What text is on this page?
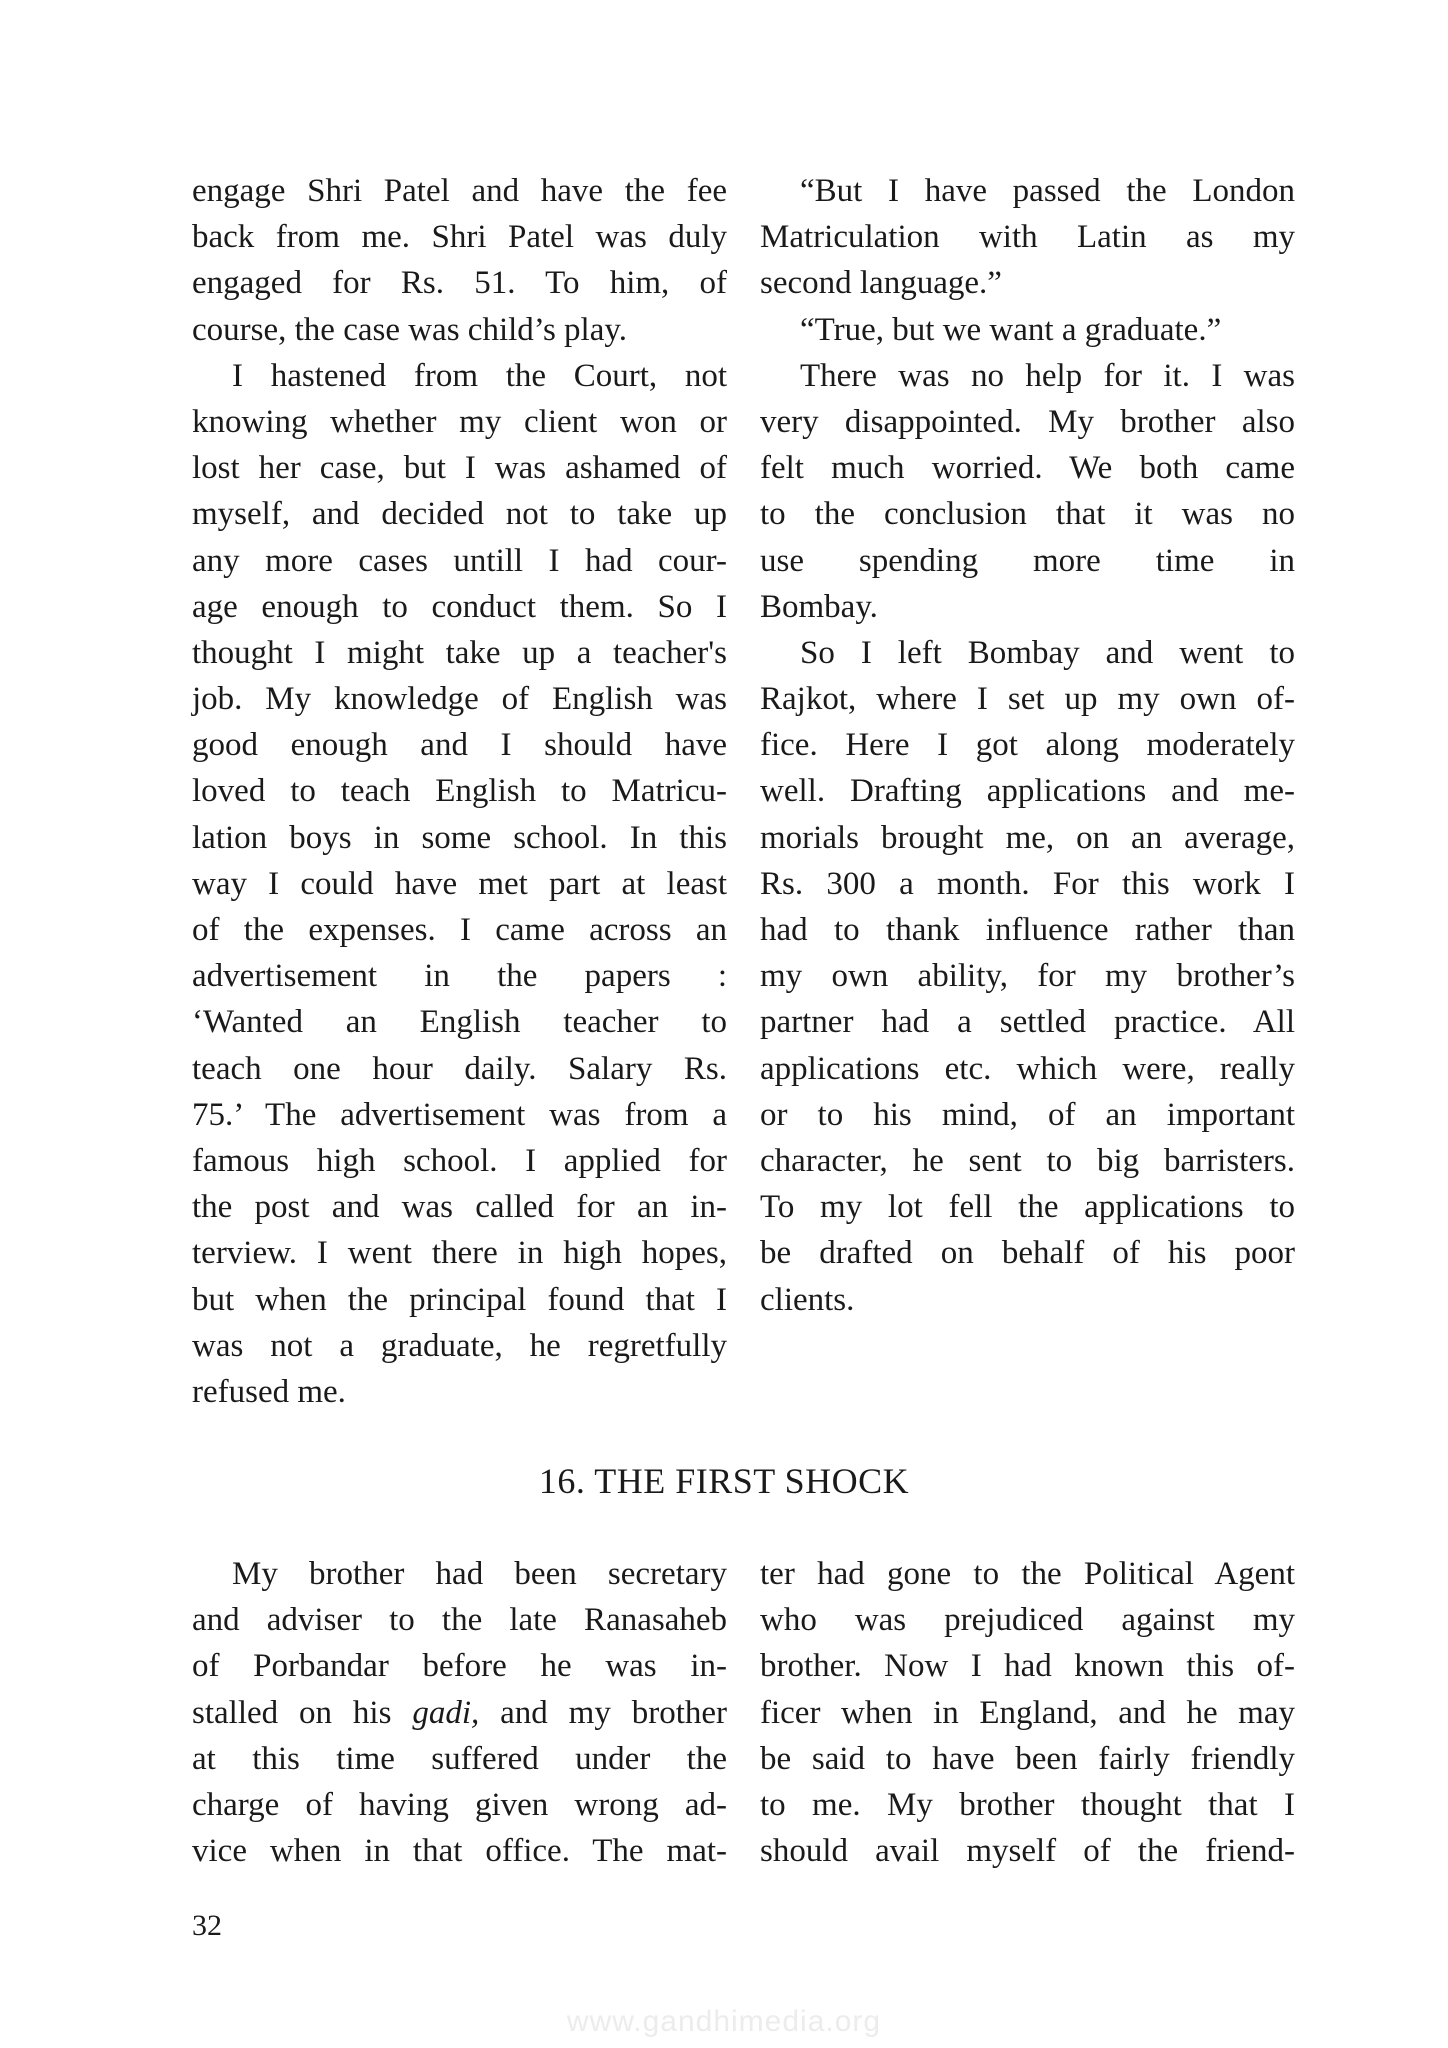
engage Shri Patel and have the fee
back from me. Shri Patel was duly
engaged for Rs. 51. To him, of
course, the case was child’s play.
I hastened from the Court, not
knowing whether my client won or
lost her case, but I was ashamed of
myself, and decided not to take up
any more cases untill I had cour-
age enough to conduct them. So I
thought I might take up a teacher's
job. My knowledge of English was
good enough and I should have
loved to teach English to Matricu-
lation boys in some school. In this
way I could have met part at least
of the expenses. I came across an
advertisement in the papers :
‘Wanted an English teacher to
teach one hour daily. Salary Rs.
75.’ The advertisement was from a
famous high school. I applied for
the post and was called for an in-
terview. I went there in high hopes,
but when the principal found that I
was not a graduate, he regretfully
refused me.
“But I have passed the London
Matriculation with Latin as my
second language.”
“True, but we want a graduate.”
There was no help for it. I was
very disappointed. My brother also
felt much worried. We both came
to the conclusion that it was no
use spending more time in
Bombay.
So I left Bombay and went to
Rajkot, where I set up my own of-
fice. Here I got along moderately
well. Drafting applications and me-
morials brought me, on an average,
Rs. 300 a month. For this work I
had to thank influence rather than
my own ability, for my brother’s
partner had a settled practice. All
applications etc. which were, really
or to his mind, of an important
character, he sent to big barristers.
To my lot fell the applications to
be drafted on behalf of his poor
clients.
16. THE FIRST SHOCK
My brother had been secretary
and adviser to the late Ranasaheb
of Porbandar before he was in-
stalled on his gadi, and my brother
at this time suffered under the
charge of having given wrong ad-
vice when in that office. The mat-
ter had gone to the Political Agent
who was prejudiced against my
brother. Now I had known this of-
ficer when in England, and he may
be said to have been fairly friendly
to me. My brother thought that I
should avail myself of the friend-
32
www.gandhimedia.org
